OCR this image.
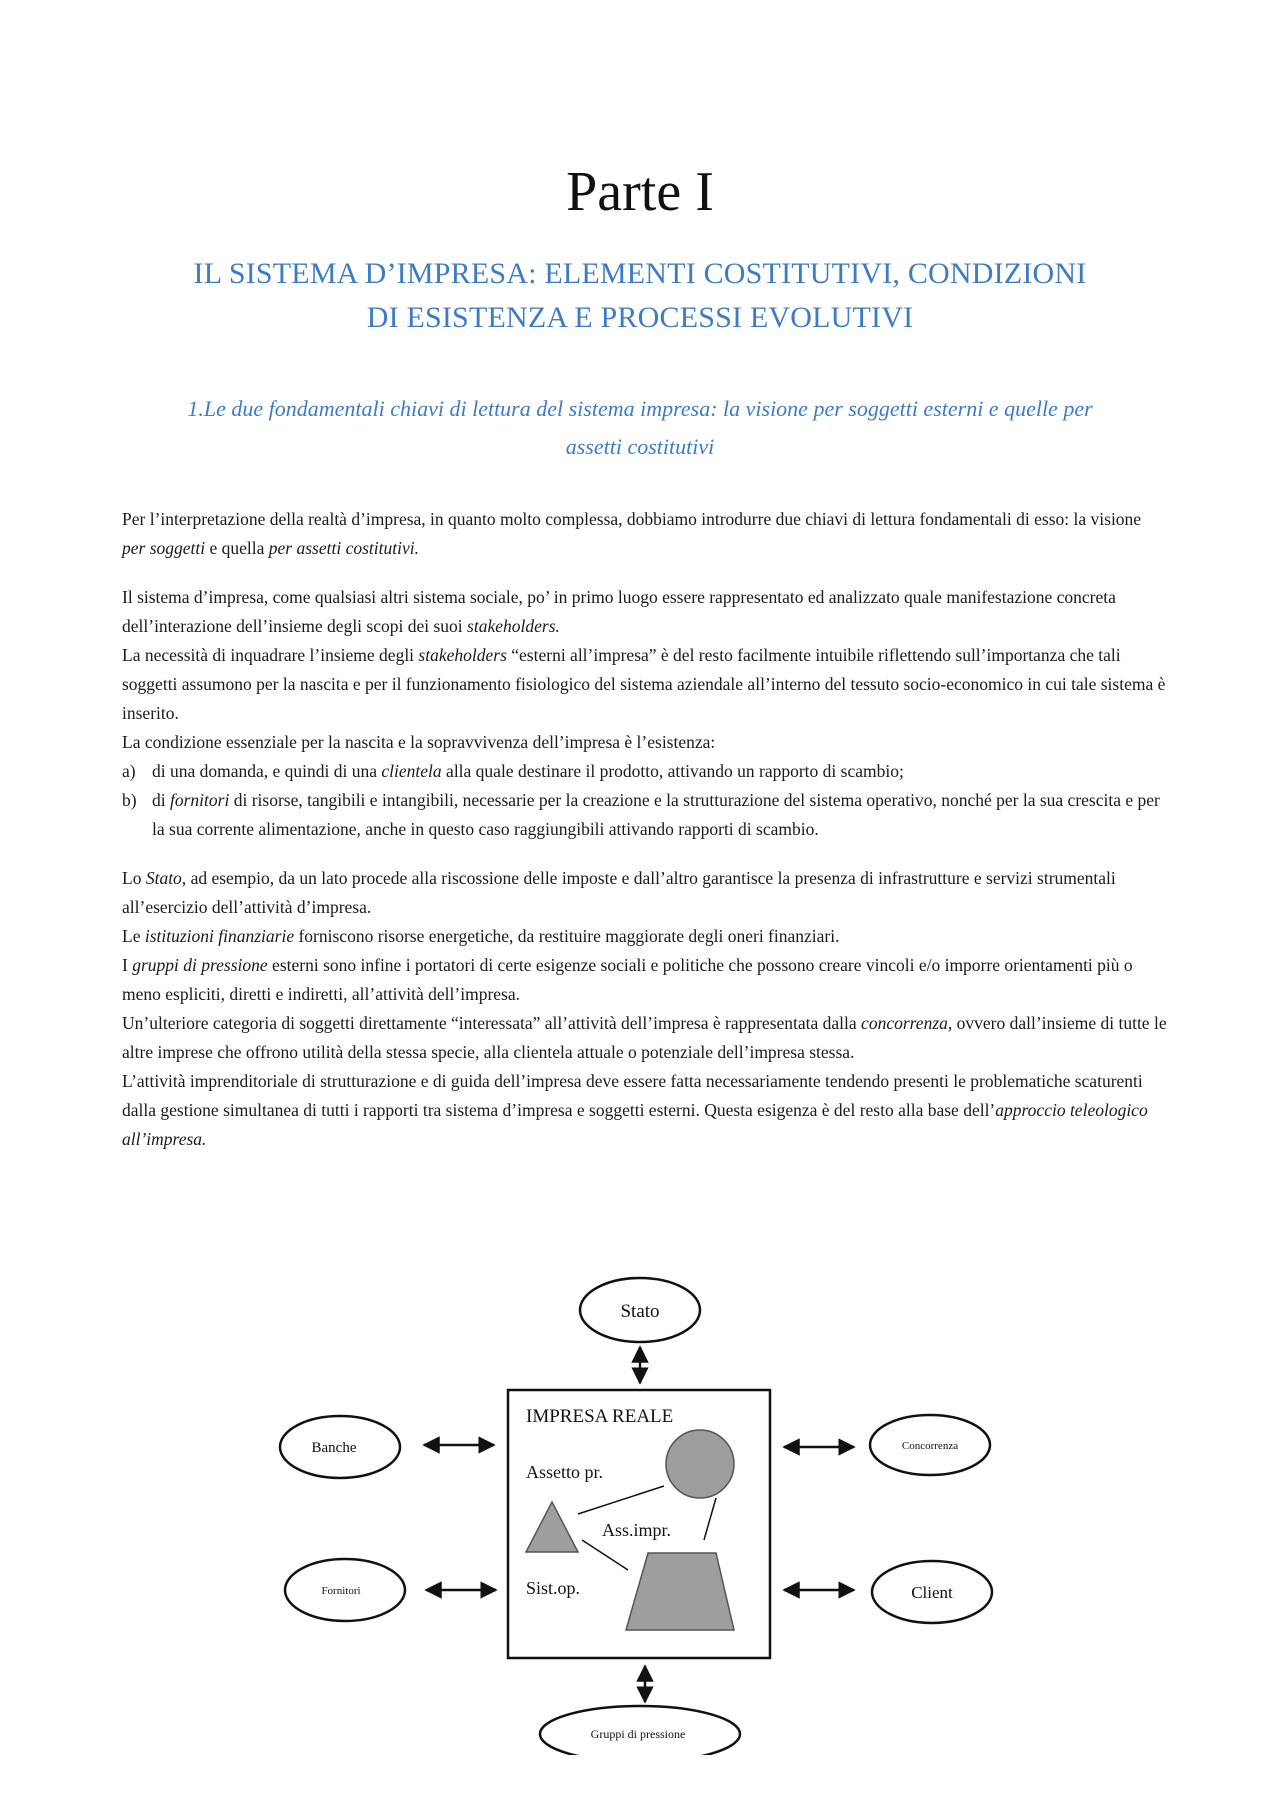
Parte I
IL SISTEMA D’IMPRESA: ELEMENTI COSTITUTIVI, CONDIZIONI
DI ESISTENZA E PROCESSI EVOLUTIVI
1.Le due fondamentali chiavi di lettura del sistema impresa: la visione per soggetti esterni e quelle per
assetti costitutivi

Per l’interpretazione della realtà d’impresa, in quanto molto complessa, dobbiamo introdurre due chiavi di lettura fondamentali di esso: la visione per soggetti e quella per assetti costitutivi.

Il sistema d’impresa, come qualsiasi altri sistema sociale, po’ in primo luogo essere rappresentato ed analizzato quale manifestazione concreta dell’interazione dell’insieme degli scopi dei suoi stakeholders.

La necessità di inquadrare l’insieme degli stakeholders “esterni all’impresa” è del resto facilmente intuibile riflettendo sull’importanza che tali soggetti assumono per la nascita e per il funzionamento fisiologico del sistema aziendale all’interno del tessuto socio-economico in cui tale sistema è inserito.

La condizione essenziale per la nascita e la sopravvivenza dell’impresa è l’esistenza:

a) di una domanda, e quindi di una clientela alla quale destinare il prodotto, attivando un rapporto di scambio;
b) di fornitori di risorse, tangibili e intangibili, necessarie per la creazione e la strutturazione del sistema operativo, nonché per la sua crescita e per la sua corrente alimentazione, anche in questo caso raggiungibili attivando rapporti di scambio.

Lo Stato, ad esempio, da un lato procede alla riscossione delle imposte e dall’altro garantisce la presenza di infrastrutture e servizi strumentali all’esercizio dell’attività d’impresa.

Le istituzioni finanziarie forniscono risorse energetiche, da restituire maggiorate degli oneri finanziari.

I gruppi di pressione esterni sono infine i portatori di certe esigenze sociali e politiche che possono creare vincoli e/o imporre orientamenti più o meno espliciti, diretti e indiretti, all’attività dell’impresa.

Un’ulteriore categoria di soggetti direttamente “interessata” all’attività dell’impresa è rappresentata dalla concorrenza, ovvero dall’insieme di tutte le altre imprese che offrono utilità della stessa specie, alla clientela attuale o potenziale dell’impresa stessa.

L’attività imprenditoriale di strutturazione e di guida dell’impresa deve essere fatta necessariamente tendendo presenti le problematiche scaturenti dalla gestione simultanea di tutti i rapporti tra sistema d’impresa e soggetti esterni. Questa esigenza è del resto alla base dell’approccio teleologico all’impresa.

Stato
IMPRESA REALE
Assetto pr.
Ass.impr.
Sist.op.
Banche	Concorrenza
Fornitori	Client
Gruppi di pressione
